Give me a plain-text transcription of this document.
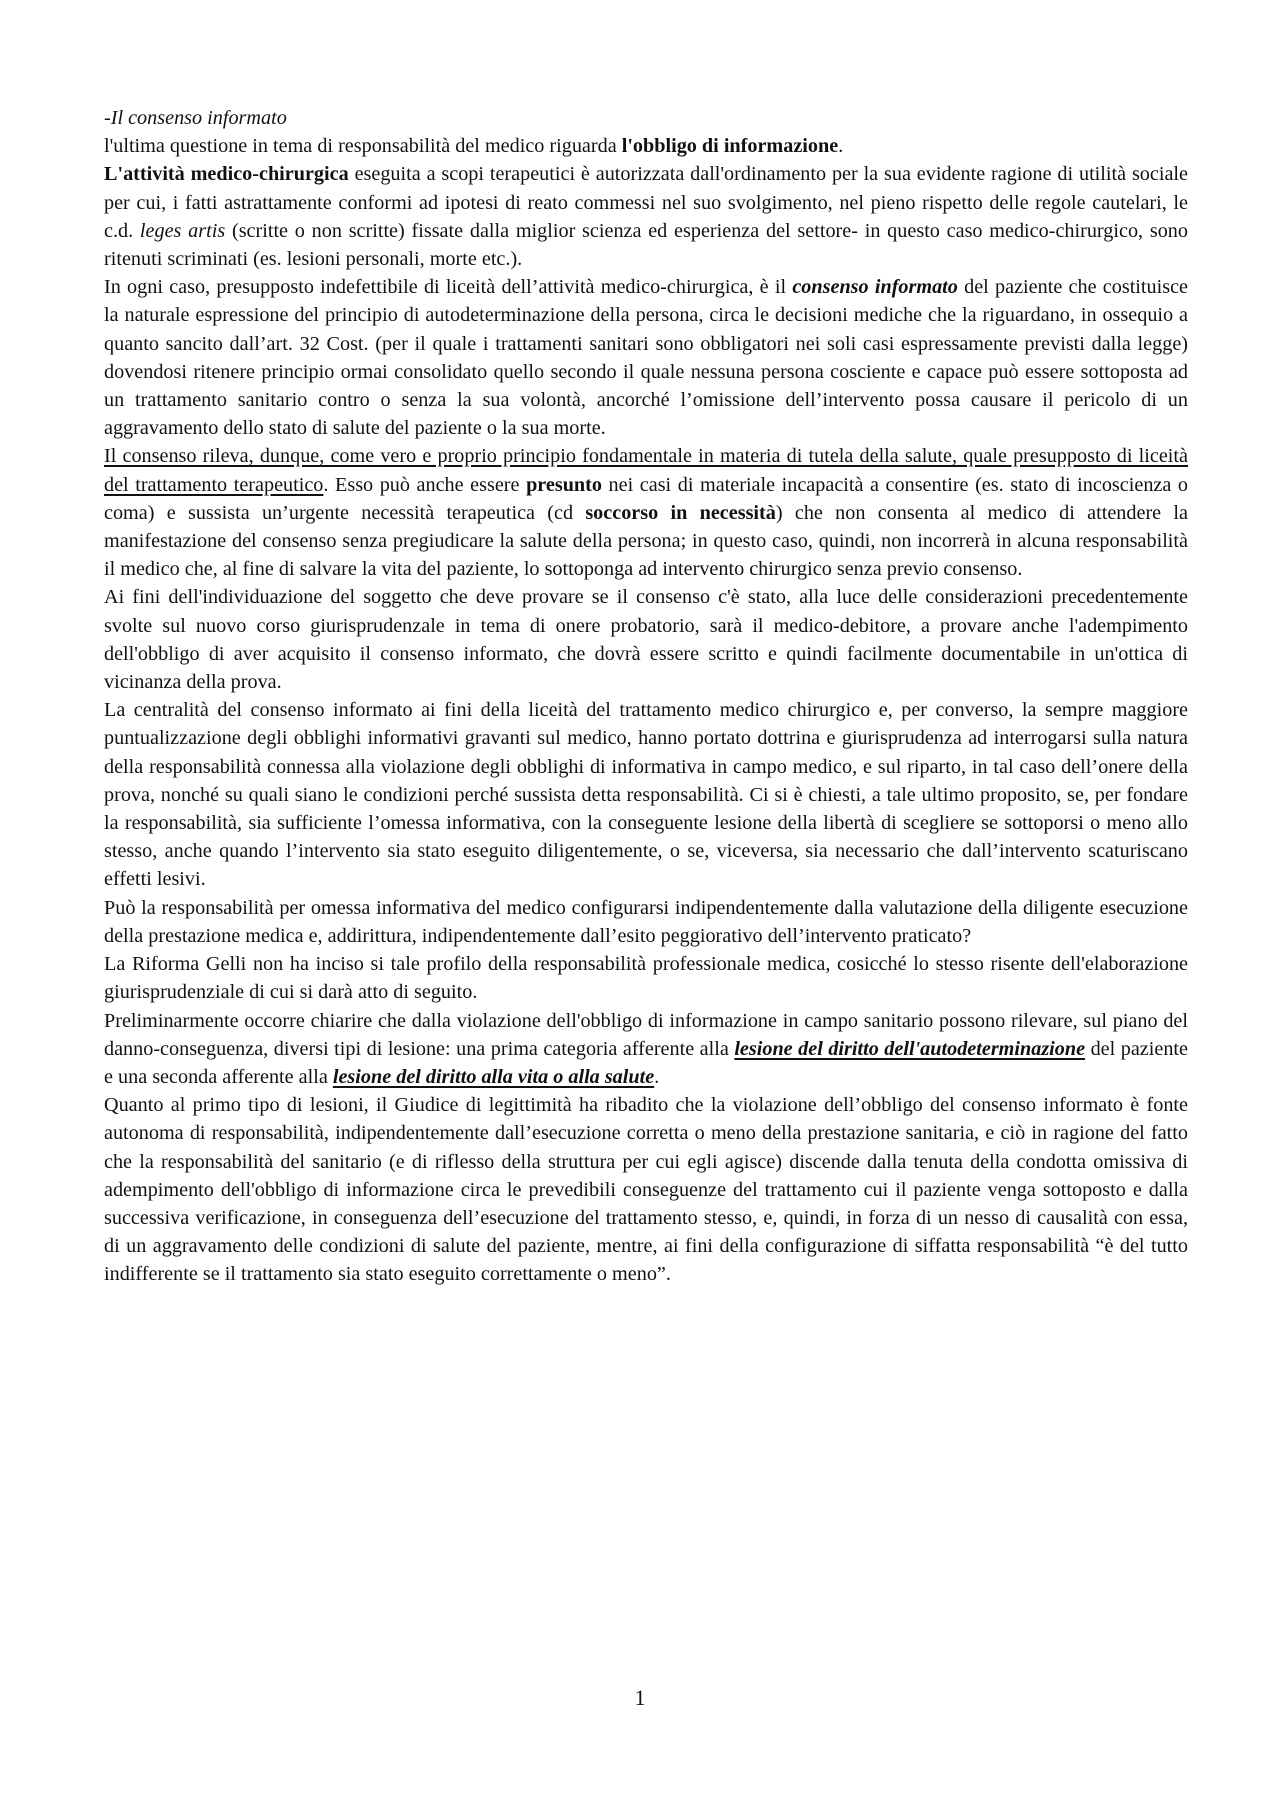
-Il consenso informato

l'ultima questione in tema di responsabilità del medico riguarda l'obbligo di informazione.

L'attività medico-chirurgica eseguita a scopi terapeutici è autorizzata dall'ordinamento per la sua evidente ragione di utilità sociale per cui, i fatti astrattamente conformi ad ipotesi di reato commessi nel suo svolgimento, nel pieno rispetto delle regole cautelari, le c.d. leges artis (scritte o non scritte) fissate dalla miglior scienza ed esperienza del settore- in questo caso medico-chirurgico, sono ritenuti scriminati (es. lesioni personali, morte etc.).

In ogni caso, presupposto indefettibile di liceità dell’attività medico-chirurgica, è il consenso informato del paziente che costituisce la naturale espressione del principio di autodeterminazione della persona, circa le decisioni mediche che la riguardano, in ossequio a quanto sancito dall’art. 32 Cost. (per il quale i trattamenti sanitari sono obbligatori nei soli casi espressamente previsti dalla legge) dovendosi ritenere principio ormai consolidato quello secondo il quale nessuna persona cosciente e capace può essere sottoposta ad un trattamento sanitario contro o senza la sua volontà, ancorché l’omissione dell’intervento possa causare il pericolo di un aggravamento dello stato di salute del paziente o la sua morte.

Il consenso rileva, dunque, come vero e proprio principio fondamentale in materia di tutela della salute, quale presupposto di liceità del trattamento terapeutico. Esso può anche essere presunto nei casi di materiale incapacità a consentire (es. stato di incoscienza o coma) e sussista un’urgente necessità terapeutica (cd soccorso in necessità) che non consenta al medico di attendere la manifestazione del consenso senza pregiudicare la salute della persona; in questo caso, quindi, non incorrerà in alcuna responsabilità il medico che, al fine di salvare la vita del paziente, lo sottoponga ad intervento chirurgico senza previo consenso.

Ai fini dell'individuazione del soggetto che deve provare se il consenso c'è stato, alla luce delle considerazioni precedentemente svolte sul nuovo corso giurisprudenzale in tema di onere probatorio, sarà il medico-debitore, a provare anche l'adempimento dell'obbligo di aver acquisito il consenso informato, che dovrà essere scritto e quindi facilmente documentabile in un'ottica di vicinanza della prova.

La centralità del consenso informato ai fini della liceità del trattamento medico chirurgico e, per converso, la sempre maggiore puntualizzazione degli obblighi informativi gravanti sul medico, hanno portato dottrina e giurisprudenza ad interrogarsi sulla natura della responsabilità connessa alla violazione degli obblighi di informativa in campo medico, e sul riparto, in tal caso dell’onere della prova, nonché su quali siano le condizioni perché sussista detta responsabilità. Ci si è chiesti, a tale ultimo proposito, se, per fondare la responsabilità, sia sufficiente l’omessa informativa, con la conseguente lesione della libertà di scegliere se sottoporsi o meno allo stesso, anche quando l’intervento sia stato eseguito diligentemente, o se, viceversa, sia necessario che dall’intervento scaturiscano effetti lesivi.

Può la responsabilità per omessa informativa del medico configurarsi indipendentemente dalla valutazione della diligente esecuzione della prestazione medica e, addirittura, indipendentemente dall’esito peggiorativo dell’intervento praticato?

La Riforma Gelli non ha inciso si tale profilo della responsabilità professionale medica, cosicché lo stesso risente dell'elaborazione giurisprudenziale di cui si darà atto di seguito.

Preliminarmente occorre chiarire che dalla violazione dell'obbligo di informazione in campo sanitario possono rilevare, sul piano del danno-conseguenza, diversi tipi di lesione: una prima categoria afferente alla lesione del diritto dell'autodeterminazione del paziente e una seconda afferente alla lesione del diritto alla vita o alla salute.

Quanto al primo tipo di lesioni, il Giudice di legittimità ha ribadito che la violazione dell’obbligo del consenso informato è fonte autonoma di responsabilità, indipendentemente dall’esecuzione corretta o meno della prestazione sanitaria, e ciò in ragione del fatto che la responsabilità del sanitario (e di riflesso della struttura per cui egli agisce) discende dalla tenuta della condotta omissiva di adempimento dell'obbligo di informazione circa le prevedibili conseguenze del trattamento cui il paziente venga sottoposto e dalla successiva verificazione, in conseguenza dell’esecuzione del trattamento stesso, e, quindi, in forza di un nesso di causalità con essa, di un aggravamento delle condizioni di salute del paziente, mentre, ai fini della configurazione di siffatta responsabilità “è del tutto indifferente se il trattamento sia stato eseguito correttamente o meno”.

1
